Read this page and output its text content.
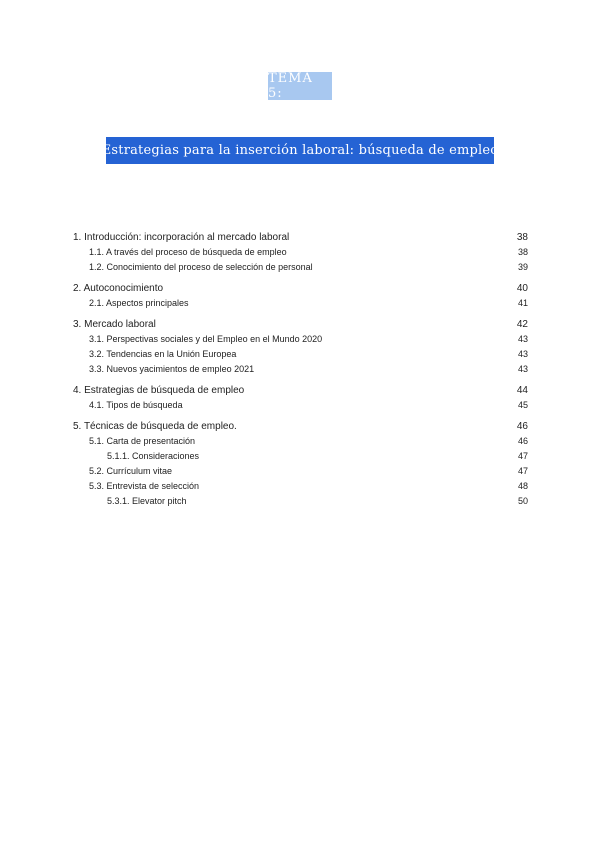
TEMA 5:
Estrategias para la inserción laboral: búsqueda de empleo
1. Introducción: incorporación al mercado laboral	38
1.1. A través del proceso de búsqueda de empleo	38
1.2. Conocimiento del proceso de selección de personal	39
2. Autoconocimiento	40
2.1. Aspectos principales	41
3. Mercado laboral	42
3.1. Perspectivas sociales y del Empleo en el Mundo 2020	43
3.2. Tendencias en la Unión Europea	43
3.3. Nuevos yacimientos de empleo 2021	43
4. Estrategias de búsqueda de empleo	44
4.1. Tipos de búsqueda	45
5. Técnicas de búsqueda de empleo.	46
5.1. Carta de presentación	46
5.1.1. Consideraciones	47
5.2. Currículum vitae	47
5.3. Entrevista de selección	48
5.3.1. Elevator pitch	50
